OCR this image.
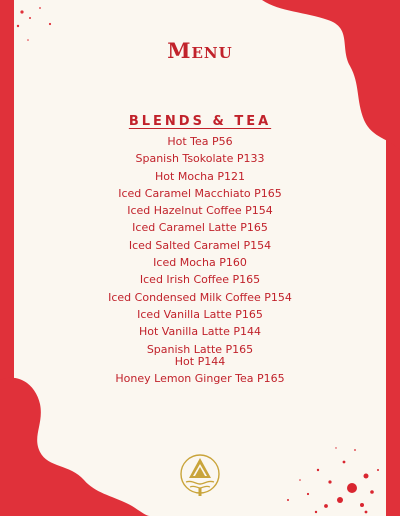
Menu
BLENDS & TEA
Hot Tea P56
Spanish Tsokolate P133
Hot Mocha P121
Iced Caramel Macchiato P165
Iced Hazelnut Coffee P154
Iced Caramel Latte P165
Iced Salted Caramel P154
Iced Mocha P160
Iced Irish Coffee P165
Iced Condensed Milk Coffee P154
Iced Vanilla Latte P165
Hot Vanilla Latte P144
Spanish Latte P165
Hot P144
Honey Lemon Ginger Tea P165
